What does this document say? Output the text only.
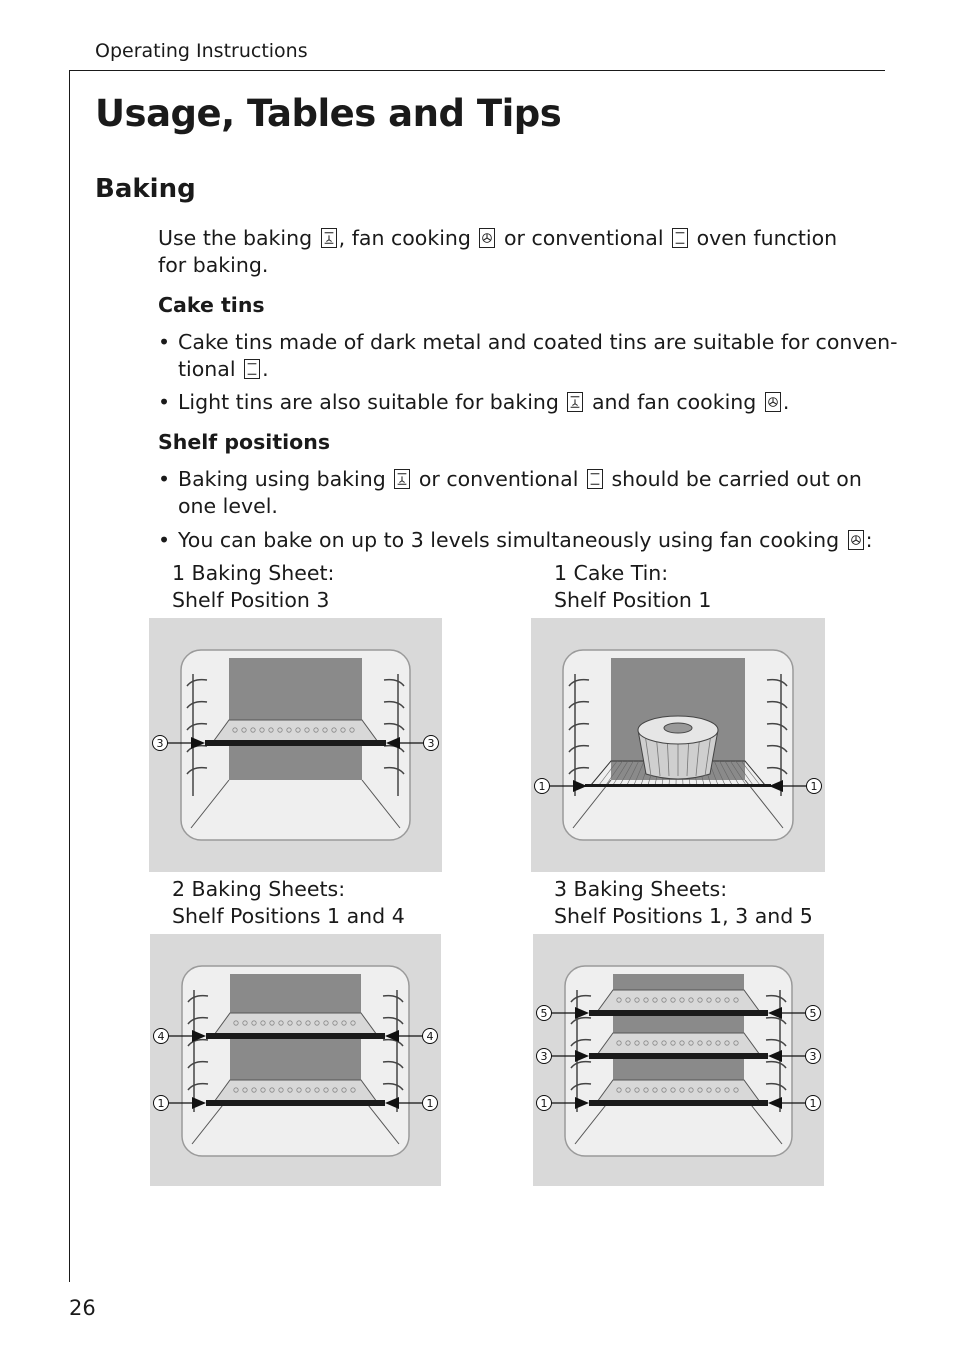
Operating Instructions
Usage, Tables and Tips
Baking
Use the baking , fan cooking or conventional oven function
for baking.
Cake tins
• Cake tins made of dark metal and coated tins are suitable for conven-
tional .
• Light tins are also suitable for baking and fan cooking .
Shelf positions
• Baking using baking or conventional should be carried out on
one level.
• You can bake on up to 3 levels simultaneously using fan cooking :
1 Baking Sheet:
Shelf Position 3
1 Cake Tin:
Shelf Position 1
2 Baking Sheets:
Shelf Positions 1 and 4
3 Baking Sheets:
Shelf Positions 1, 3 and 5
3	3
1	1
4	4
1	1
5	5
3	3
1	1
26
